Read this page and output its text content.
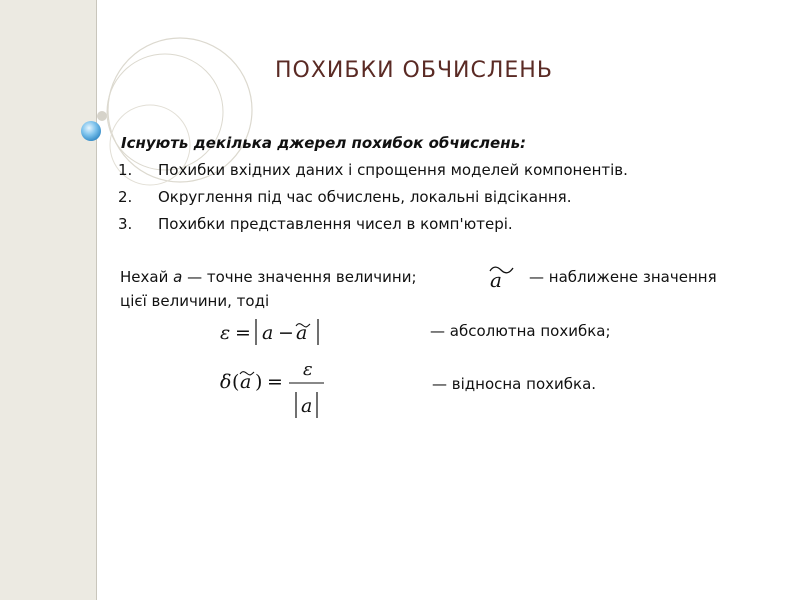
ПОХИБКИ ОБЧИСЛЕНЬ
Існують декілька джерел похибок обчислень:
1.	Похибки вхідних даних і спрощення моделей компонентів.
2.	Округлення під час обчислень, локальні відсікання.
3.	Похибки представлення чисел в комп'ютері.
Нехай a — точне значення величини;	a — наближене значення
цієї величини, тоді
ε = a − a	— абсолютна похибка;
δ ( a ) =
ε
a
— відносна похибка.
